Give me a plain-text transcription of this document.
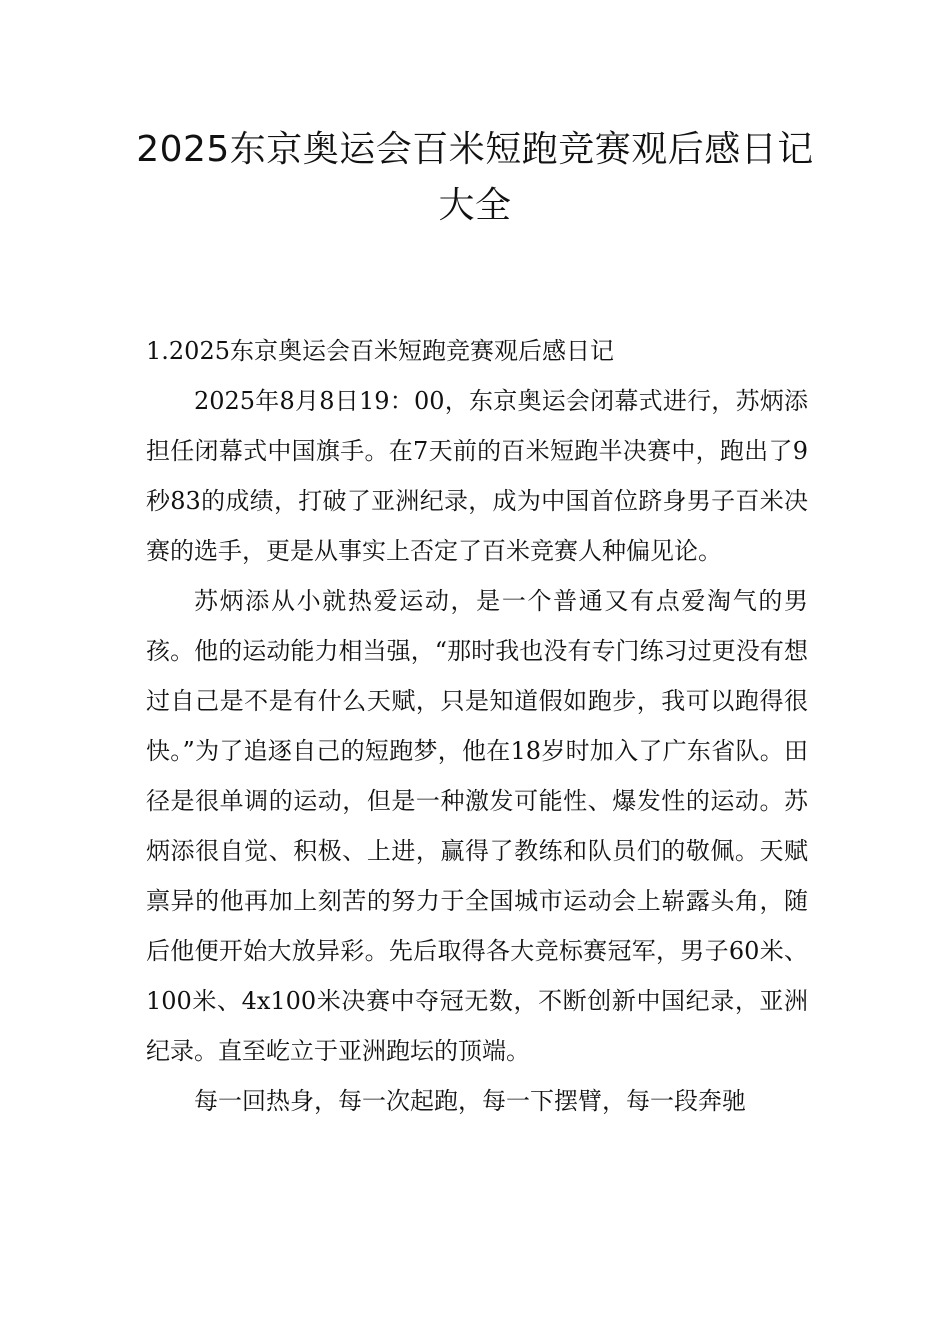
2025东京奥运会百米短跑竞赛观后感日记
大全
1.2025东京奥运会百米短跑竞赛观后感日记

2025年8月8日19：00，东京奥运会闭幕式进行，苏炳添担任闭幕式中国旗手。在7天前的百米短跑半决赛中，跑出了9秒83的成绩，打破了亚洲纪录，成为中国首位跻身男子百米决赛的选手，更是从事实上否定了百米竞赛人种偏见论。

苏炳添从小就热爱运动，是一个普通又有点爱淘气的男孩。他的运动能力相当强，“那时我也没有专门练习过更没有想过自己是不是有什么天赋，只是知道假如跑步，我可以跑得很快。”为了追逐自己的短跑梦，他在18岁时加入了广东省队。田径是很单调的运动，但是一种激发可能性、爆发性的运动。苏炳添很自觉、积极、上进，赢得了教练和队员们的敬佩。天赋禀异的他再加上刻苦的努力于全国城市运动会上崭露头角，随后他便开始大放异彩。先后取得各大竞标赛冠军，男子60米、100米、4x100米决赛中夺冠无数，不断创新中国纪录，亚洲纪录。直至屹立于亚洲跑坛的顶端。

每一回热身，每一次起跑，每一下摆臂，每一段奔驰
